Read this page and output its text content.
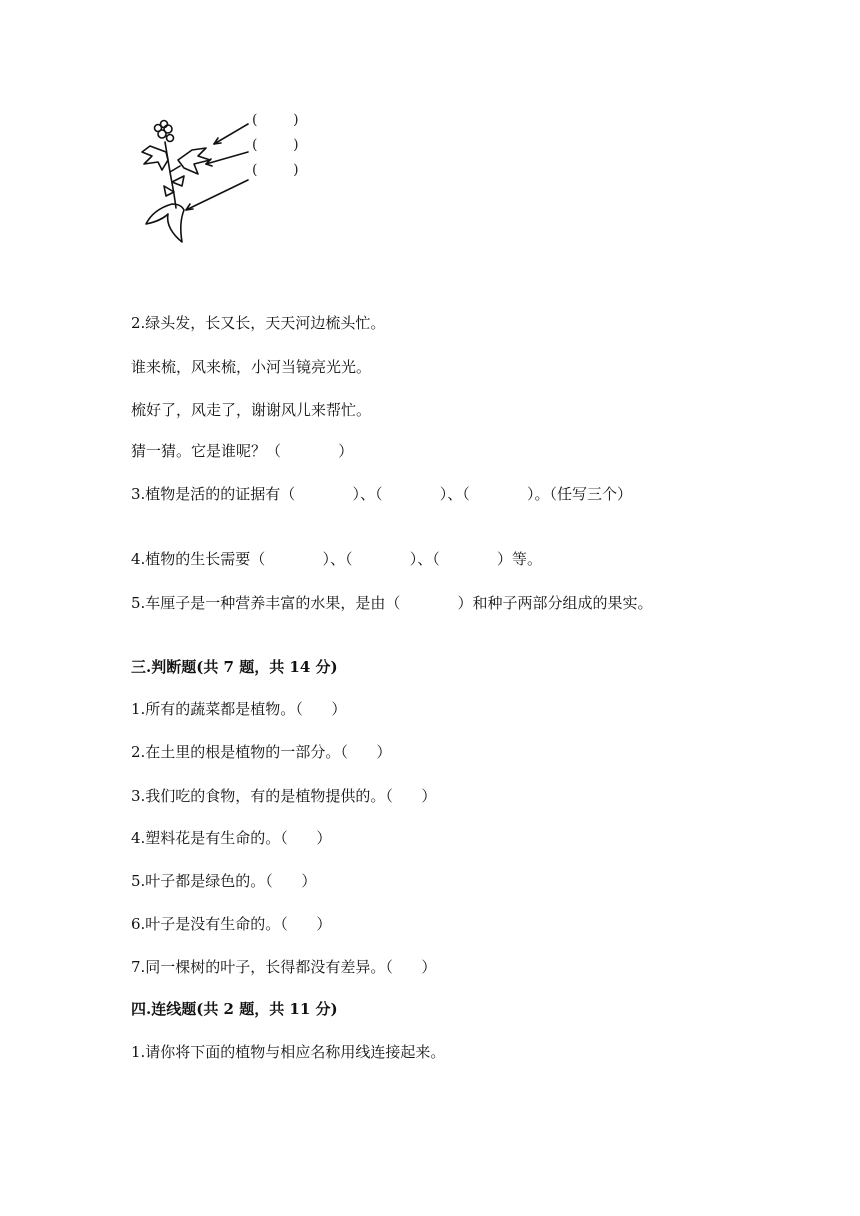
(        )
(        )
(        )
2.绿头发，长又长，天天河边梳头忙。
谁来梳，风来梳，小河当镜亮光光。
梳好了，风走了，谢谢风儿来帮忙。
猜一猜。它是谁呢？（            ）
3.植物是活的的证据有（            ）、（            ）、（            ）。（任写三个）
4.植物的生长需要（            ）、（            ）、（            ）等。
5.车厘子是一种营养丰富的水果，是由（            ）和种子两部分组成的果实。
三.判断题(共 7 题，共 14 分)
1.所有的蔬菜都是植物。（      ）
2.在土里的根是植物的一部分。（      ）
3.我们吃的食物，有的是植物提供的。（      ）
4.塑料花是有生命的。（      ）
5.叶子都是绿色的。（      ）
6.叶子是没有生命的。（      ）
7.同一棵树的叶子，长得都没有差异。（      ）
四.连线题(共 2 题，共 11 分)
1.请你将下面的植物与相应名称用线连接起来。
